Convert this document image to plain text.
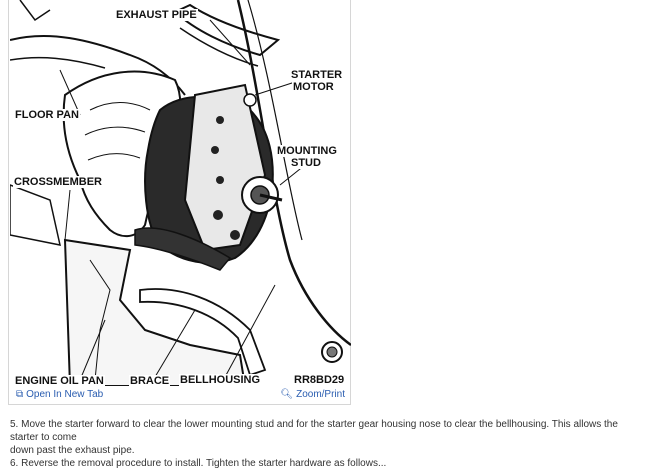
EXHAUST PIPE
STARTER
MOTOR
FLOOR PAN
MOUNTING
STUD
CROSSMEMBER
ENGINE OIL PAN BRACE BELLHOUSING	RR8BD29
⧉ Open In New Tab	🔍︎ Zoom/Print
5. Move the starter forward to clear the lower mounting stud and for the starter gear housing nose to clear the bellhousing. This allows the starter to come
down past the exhaust pipe.
6. Reverse the removal procedure to install. Tighten the starter hardware as follows...
